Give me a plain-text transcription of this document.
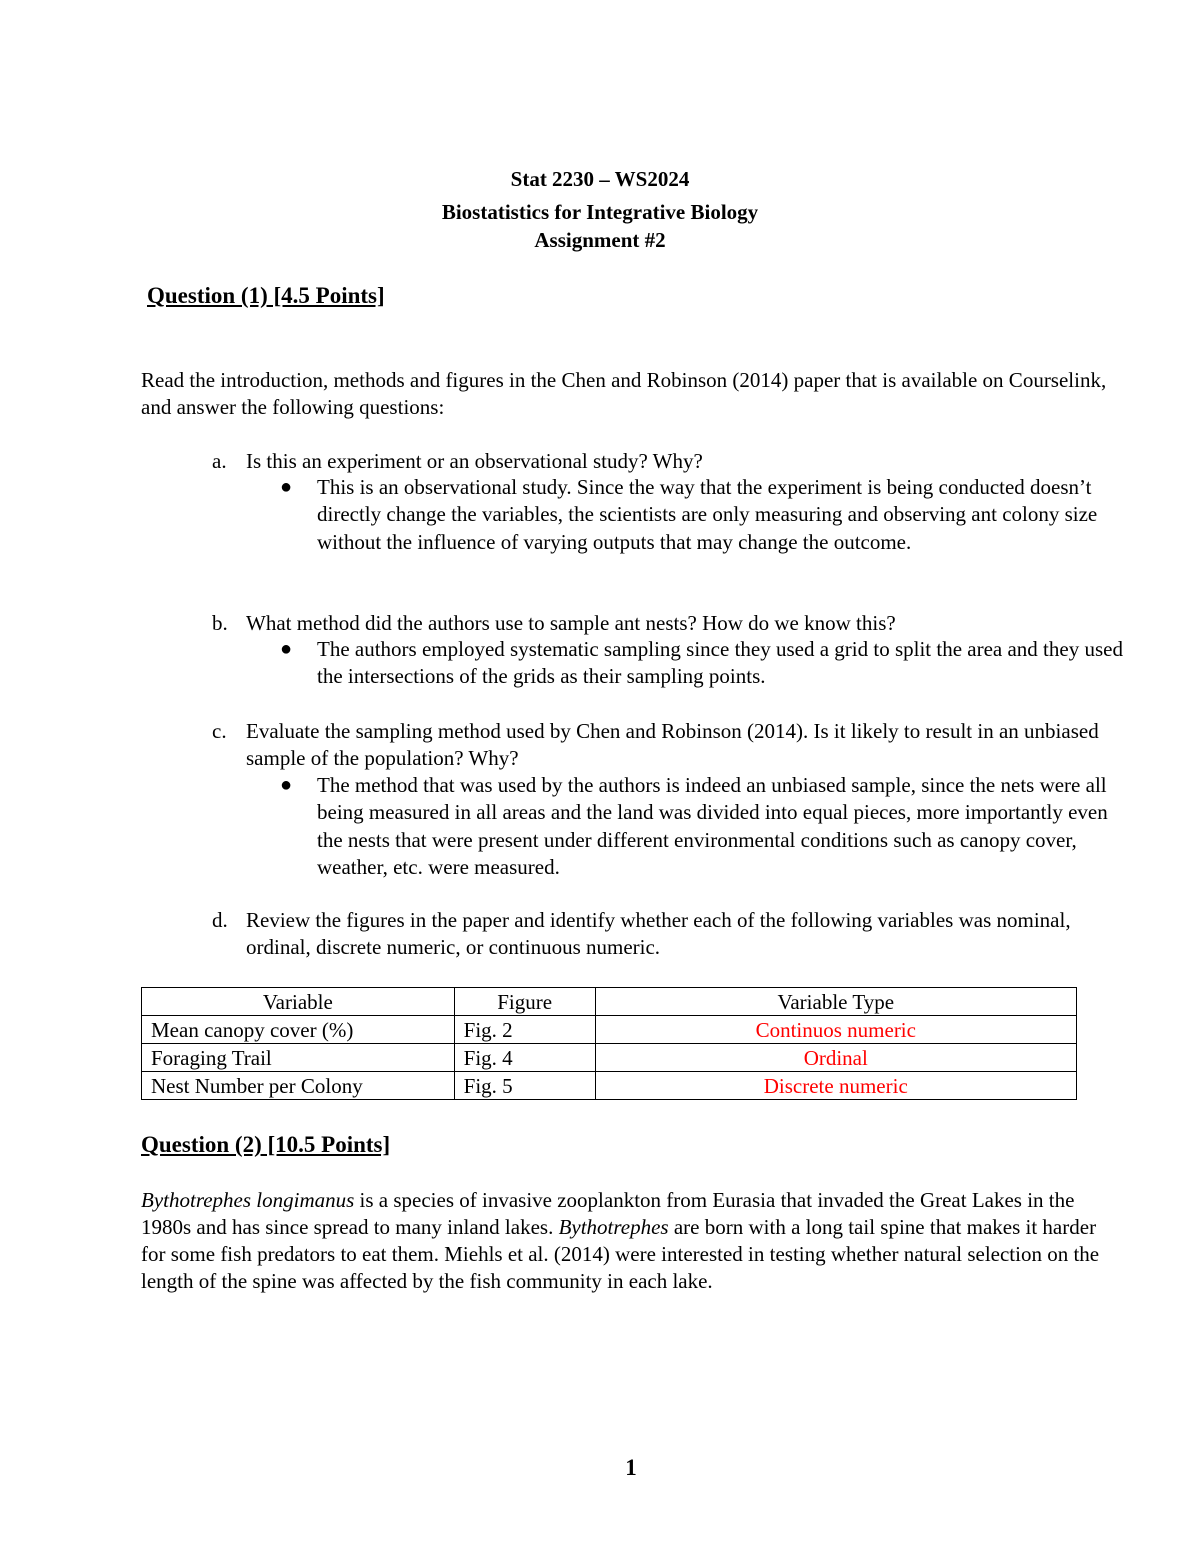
Stat 2230 – WS2024
Biostatistics for Integrative Biology
Assignment #2
Question (1) [4.5 Points]
Read the introduction, methods and figures in the Chen and Robinson (2014) paper that is available on Courselink, and answer the following questions:
a. Is this an experiment or an observational study? Why?
● This is an observational study. Since the way that the experiment is being conducted doesn’t directly change the variables, the scientists are only measuring and observing ant colony size without the influence of varying outputs that may change the outcome.
b. What method did the authors use to sample ant nests? How do we know this?
● The authors employed systematic sampling since they used a grid to split the area and they used the intersections of the grids as their sampling points.
c. Evaluate the sampling method used by Chen and Robinson (2014). Is it likely to result in an unbiased sample of the population? Why?
● The method that was used by the authors is indeed an unbiased sample, since the nets were all being measured in all areas and the land was divided into equal pieces, more importantly even the nests that were present under different environmental conditions such as canopy cover, weather, etc. were measured.
d. Review the figures in the paper and identify whether each of the following variables was nominal, ordinal, discrete numeric, or continuous numeric.
Variable	Figure	Variable Type
Mean canopy cover (%)	Fig. 2	Continuos numeric
Foraging Trail	Fig. 4	Ordinal
Nest Number per Colony	Fig. 5	Discrete numeric
Question (2) [10.5 Points]
Bythotrephes longimanus is a species of invasive zooplankton from Eurasia that invaded the Great Lakes in the 1980s and has since spread to many inland lakes. Bythotrephes are born with a long tail spine that makes it harder for some fish predators to eat them. Miehls et al. (2014) were interested in testing whether natural selection on the length of the spine was affected by the fish community in each lake.
1
